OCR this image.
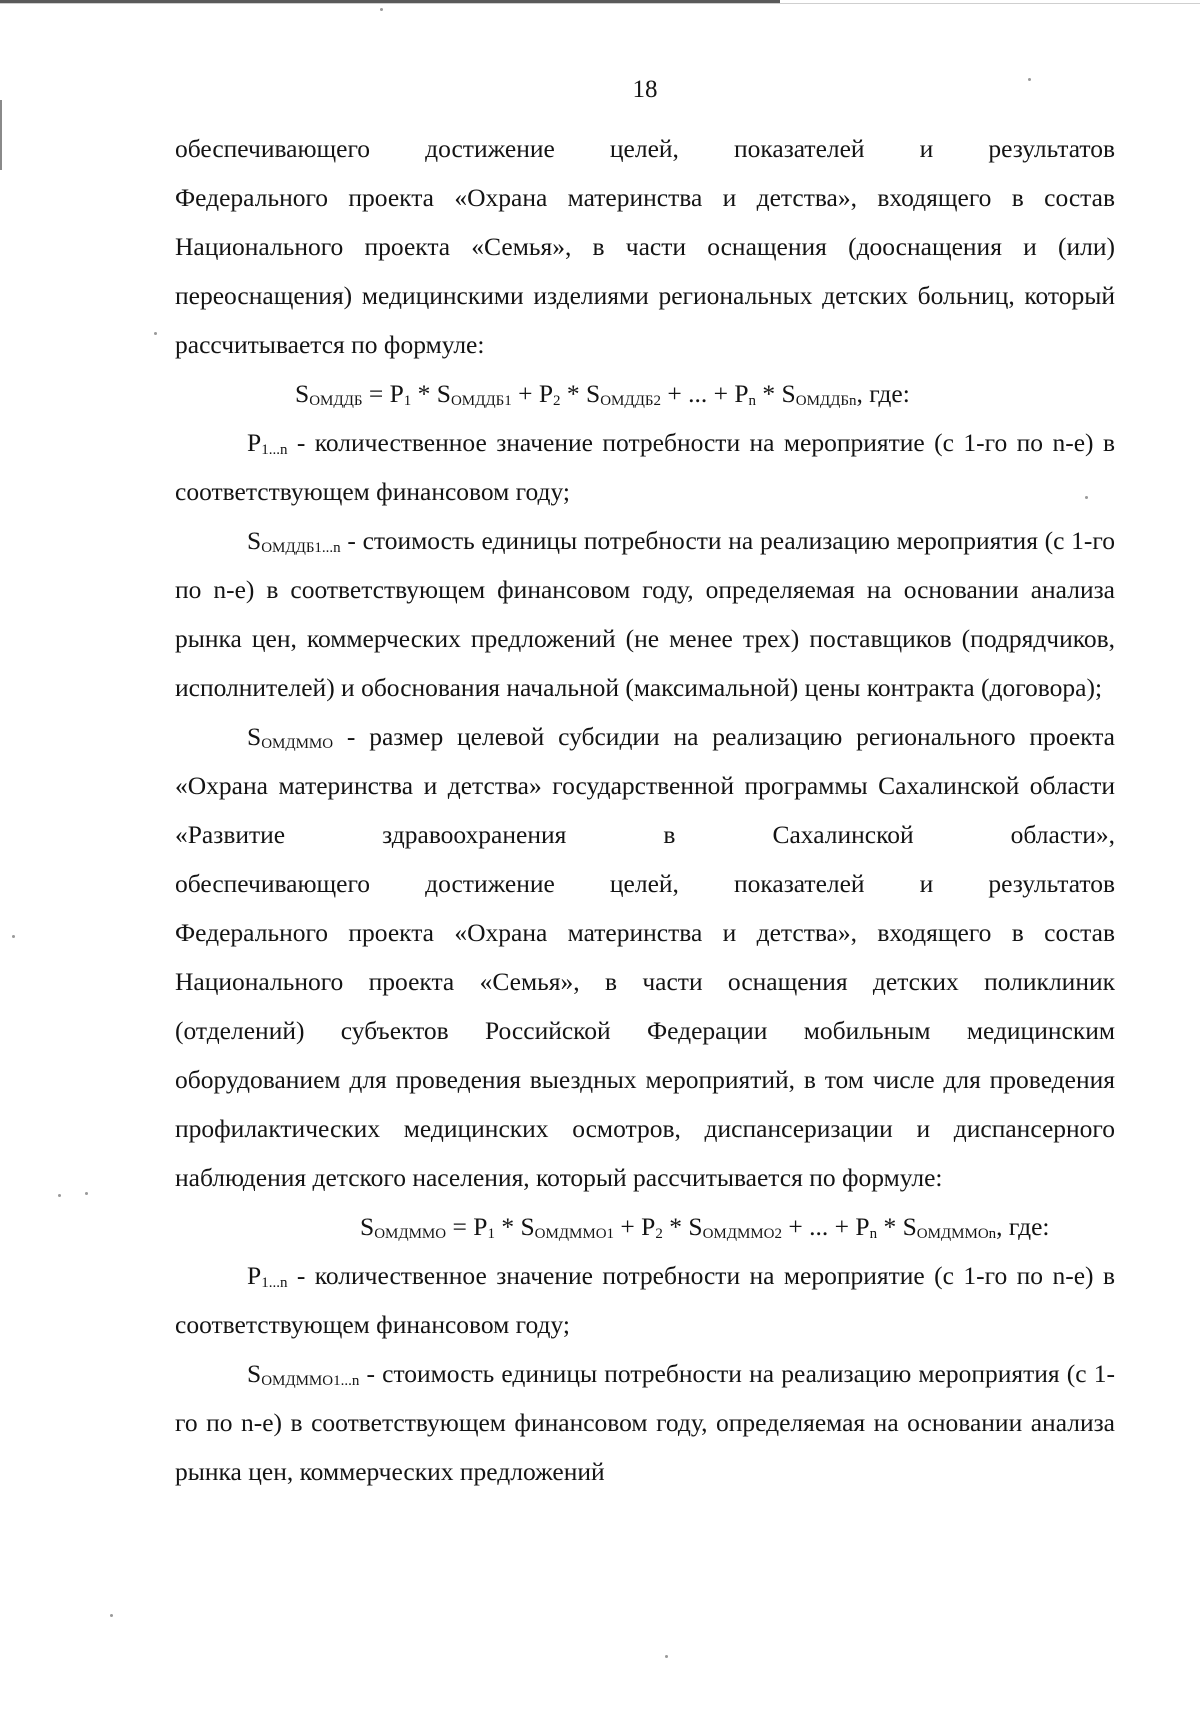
18

обеспечивающего достижение целей, показателей и результатов

Федерального проекта «Охрана материнства и детства», входящего в состав Национального проекта «Семья», в части оснащения (дооснащения и (или) переоснащения) медицинскими изделиями региональных детских больниц, который рассчитывается по формуле:

$S_{ОМДДБ} = P_1 * S_{ОМДДБ1} + P_2 * S_{ОМДДБ2}$ + ... + $P_n * S_{ОМДДБn}$, где:

$P_{1...n}$ - количественное значение потребности на мероприятие (с 1-го по n-е) в соответствующем финансовом году;

$S_{ОМДДБ1...n}$ - стоимость единицы потребности на реализацию мероприятия (с 1-го по n-е) в соответствующем финансовом году, определяемая на основании анализа рынка цен, коммерческих предложений (не менее трех) поставщиков (подрядчиков, исполнителей) и обоснования начальной (максимальной) цены контракта (договора);

$S_{ОМДММО}$ - размер целевой субсидии на реализацию регионального проекта «Охрана материнства и детства» государственной программы Сахалинской области «Развитие здравоохранения в Сахалинской области»,

обеспечивающего достижение целей, показателей и результатов

Федерального проекта «Охрана материнства и детства», входящего в состав Национального проекта «Семья», в части оснащения детских поликлиник (отделений) субъектов Российской Федерации мобильным медицинским оборудованием для проведения выездных мероприятий, в том числе для проведения профилактических медицинских осмотров, диспансеризации и диспансерного наблюдения детского населения, который рассчитывается по формуле:

$S_{ОМДММО} = P_1 * S_{ОМДММО1} + P_2 * S_{ОМДММО2}$ + ... + $P_n * S_{ОМДММОn}$, где:

$P_{1...n}$ - количественное значение потребности на мероприятие (с 1-го по n-е) в соответствующем финансовом году;

$S_{ОМДММО1...n}$ - стоимость единицы потребности на реализацию мероприятия (с 1-го по n-е) в соответствующем финансовом году, определяемая на основании анализа рынка цен, коммерческих предложений
